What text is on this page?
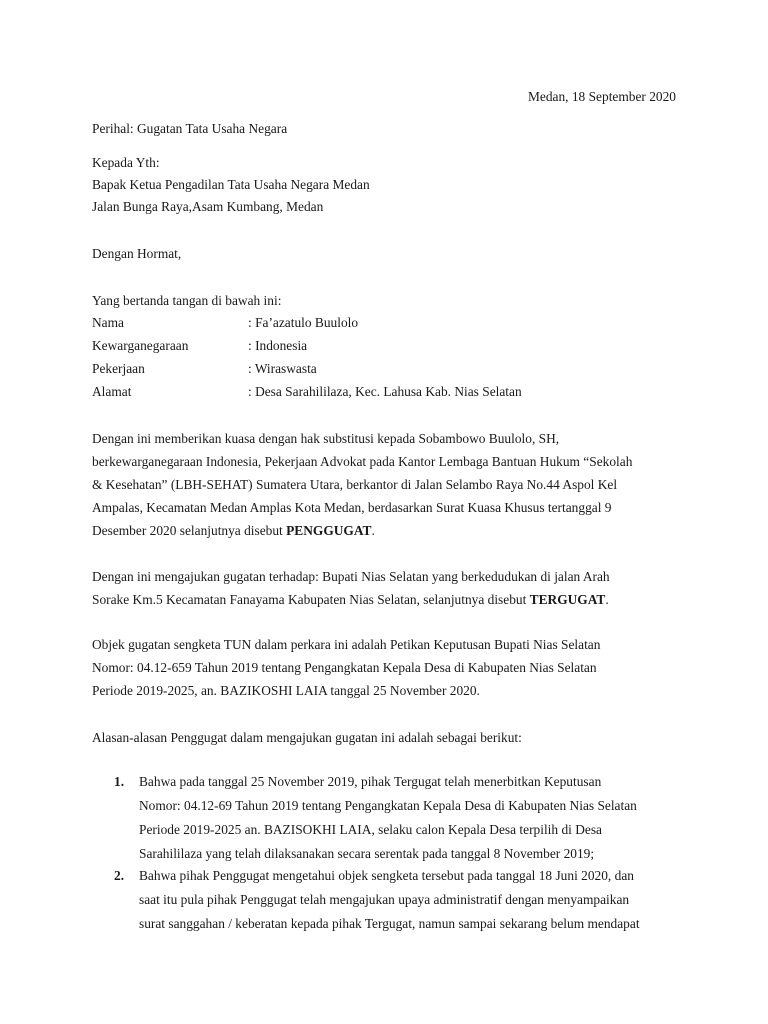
Medan, 18 September 2020
Perihal: Gugatan Tata Usaha Negara
Kepada Yth:
Bapak Ketua Pengadilan Tata Usaha Negara Medan
Jalan Bunga Raya,Asam Kumbang, Medan
Dengan Hormat,
Yang bertanda tangan di bawah ini:
Nama	: Fa’azatulo Buulolo
Kewarganegaraan	: Indonesia
Pekerjaan	: Wiraswasta
Alamat	: Desa Sarahililaza, Kec. Lahusa Kab. Nias Selatan
Dengan ini memberikan kuasa dengan hak substitusi kepada Sobambowo Buulolo, SH,
berkewarganegaraan Indonesia, Pekerjaan Advokat pada Kantor Lembaga Bantuan Hukum “Sekolah
& Kesehatan” (LBH-SEHAT) Sumatera Utara, berkantor di Jalan Selambo Raya No.44 Aspol Kel
Ampalas, Kecamatan Medan Amplas Kota Medan, berdasarkan Surat Kuasa Khusus tertanggal 9
Desember 2020 selanjutnya disebut PENGGUGAT.
Dengan ini mengajukan gugatan terhadap: Bupati Nias Selatan yang berkedudukan di jalan Arah
Sorake Km.5 Kecamatan Fanayama Kabupaten Nias Selatan, selanjutnya disebut TERGUGAT.
Objek gugatan sengketa TUN dalam perkara ini adalah Petikan Keputusan Bupati Nias Selatan
Nomor: 04.12-659 Tahun 2019 tentang Pengangkatan Kepala Desa di Kabupaten Nias Selatan
Periode 2019-2025, an. BAZIKOSHI LAIA tanggal 25 November 2020.
Alasan-alasan Penggugat dalam mengajukan gugatan ini adalah sebagai berikut:
1. Bahwa pada tanggal 25 November 2019, pihak Tergugat telah menerbitkan Keputusan
Nomor: 04.12-69 Tahun 2019 tentang Pengangkatan Kepala Desa di Kabupaten Nias Selatan
Periode 2019-2025 an. BAZISOKHI LAIA, selaku calon Kepala Desa terpilih di Desa
Sarahililaza yang telah dilaksanakan secara serentak pada tanggal 8 November 2019;
2. Bahwa pihak Penggugat mengetahui objek sengketa tersebut pada tanggal 18 Juni 2020, dan
saat itu pula pihak Penggugat telah mengajukan upaya administratif dengan menyampaikan
surat sanggahan / keberatan kepada pihak Tergugat, namun sampai sekarang belum mendapat
